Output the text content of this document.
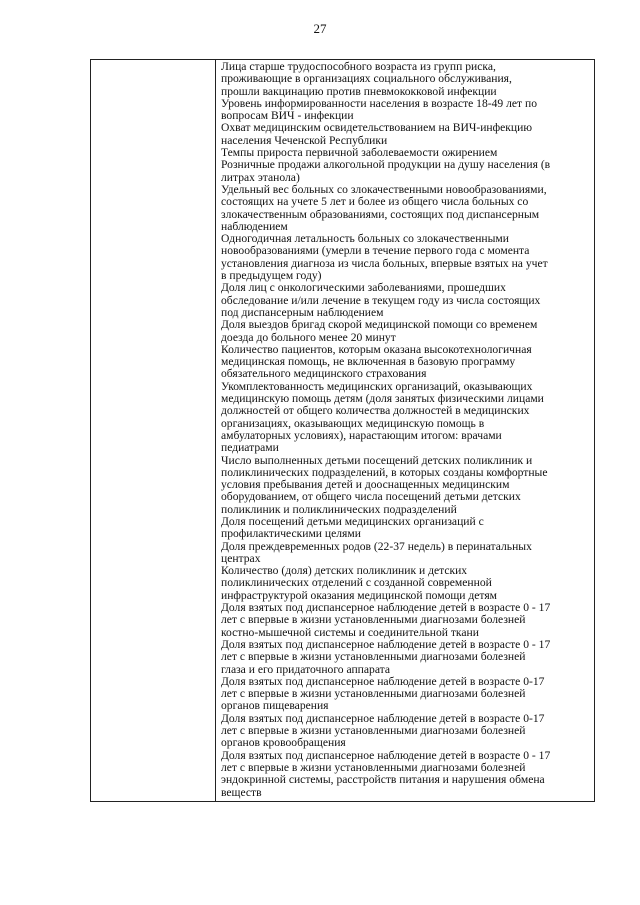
27

Лица старше трудоспособного возраста из групп риска,
проживающие в организациях социального обслуживания,
прошли вакцинацию против пневмококковой инфекции
Уровень информированности населения в возрасте 18-49 лет по
вопросам ВИЧ - инфекции
Охват медицинским освидетельствованием на ВИЧ-инфекцию
населения Чеченской Республики
Темпы прироста первичной заболеваемости ожирением
Розничные продажи алкогольной продукции на душу населения (в
литрах этанола)
Удельный вес больных со злокачественными новообразованиями,
состоящих на учете 5 лет и более из общего числа больных со
злокачественным образованиями, состоящих под диспансерным
наблюдением
Одногодичная летальность больных со злокачественными
новообразованиями (умерли в течение первого года с момента
установления диагноза из числа больных, впервые взятых на учет
в предыдущем году)
Доля лиц с онкологическими заболеваниями, прошедших
обследование и/или лечение в текущем году из числа состоящих
под диспансерным наблюдением
Доля выездов бригад скорой медицинской помощи со временем
доезда до больного менее 20 минут
Количество пациентов, которым оказана высокотехнологичная
медицинская помощь, не включенная в базовую программу
обязательного медицинского страхования
Укомплектованность медицинских организаций, оказывающих
медицинскую помощь детям (доля занятых физическими лицами
должностей от общего количества должностей в медицинских
организациях, оказывающих медицинскую помощь в
амбулаторных условиях), нарастающим итогом: врачами
педиатрами
Число выполненных детьми посещений детских поликлиник и
поликлинических подразделений, в которых созданы комфортные
условия пребывания детей и дооснащенных медицинским
оборудованием, от общего числа посещений детьми детских
поликлиник и поликлинических подразделений
Доля посещений детьми медицинских организаций с
профилактическими целями
Доля преждевременных родов (22-37 недель) в перинатальных
центрах
Количество (доля) детских поликлиник и детских
поликлинических отделений с созданной современной
инфраструктурой оказания медицинской помощи детям
Доля взятых под диспансерное наблюдение детей в возрасте 0 - 17
лет с впервые в жизни установленными диагнозами болезней
костно-мышечной системы и соединительной ткани
Доля взятых под диспансерное наблюдение детей в возрасте 0 - 17
лет с впервые в жизни установленными диагнозами болезней
глаза и его придаточного аппарата
Доля взятых под диспансерное наблюдение детей в возрасте 0-17
лет с впервые в жизни установленными диагнозами болезней
органов пищеварения
Доля взятых под диспансерное наблюдение детей в возрасте 0-17
лет с впервые в жизни установленными диагнозами болезней
органов кровообращения
Доля взятых под диспансерное наблюдение детей в возрасте 0 - 17
лет с впервые в жизни установленными диагнозами болезней
эндокринной системы, расстройств питания и нарушения обмена
веществ
